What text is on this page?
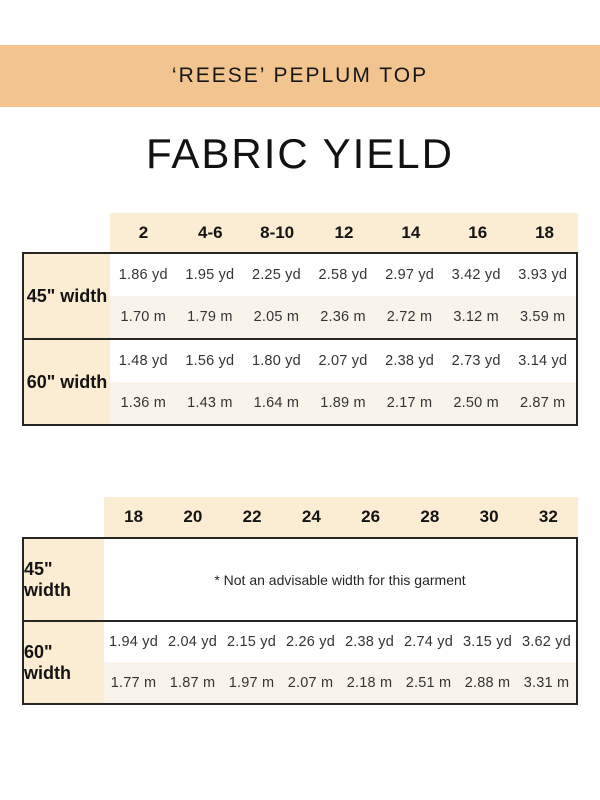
‘REESE’ PEPLUM TOP
FABRIC YIELD
2	4-6	8-10	12	14	16	18
45" width
1.86 yd	1.95 yd	2.25 yd	2.58 yd	2.97 yd	3.42 yd	3.93 yd
1.70 m	1.79 m	2.05 m	2.36 m	2.72 m	3.12 m	3.59 m
60" width
1.48 yd	1.56 yd	1.80 yd	2.07 yd	2.38 yd	2.73 yd	3.14 yd
1.36 m	1.43 m	1.64 m	1.89 m	2.17 m	2.50 m	2.87 m
18	20	22	24	26	28	30	32
45" width	* Not an advisable width for this garment
60" width
1.94 yd 2.04 yd 2.15 yd 2.26 yd 2.38 yd 2.74 yd 3.15 yd 3.62 yd
1.77 m 1.87 m 1.97 m 2.07 m 2.18 m 2.51 m 2.88 m 3.31 m
